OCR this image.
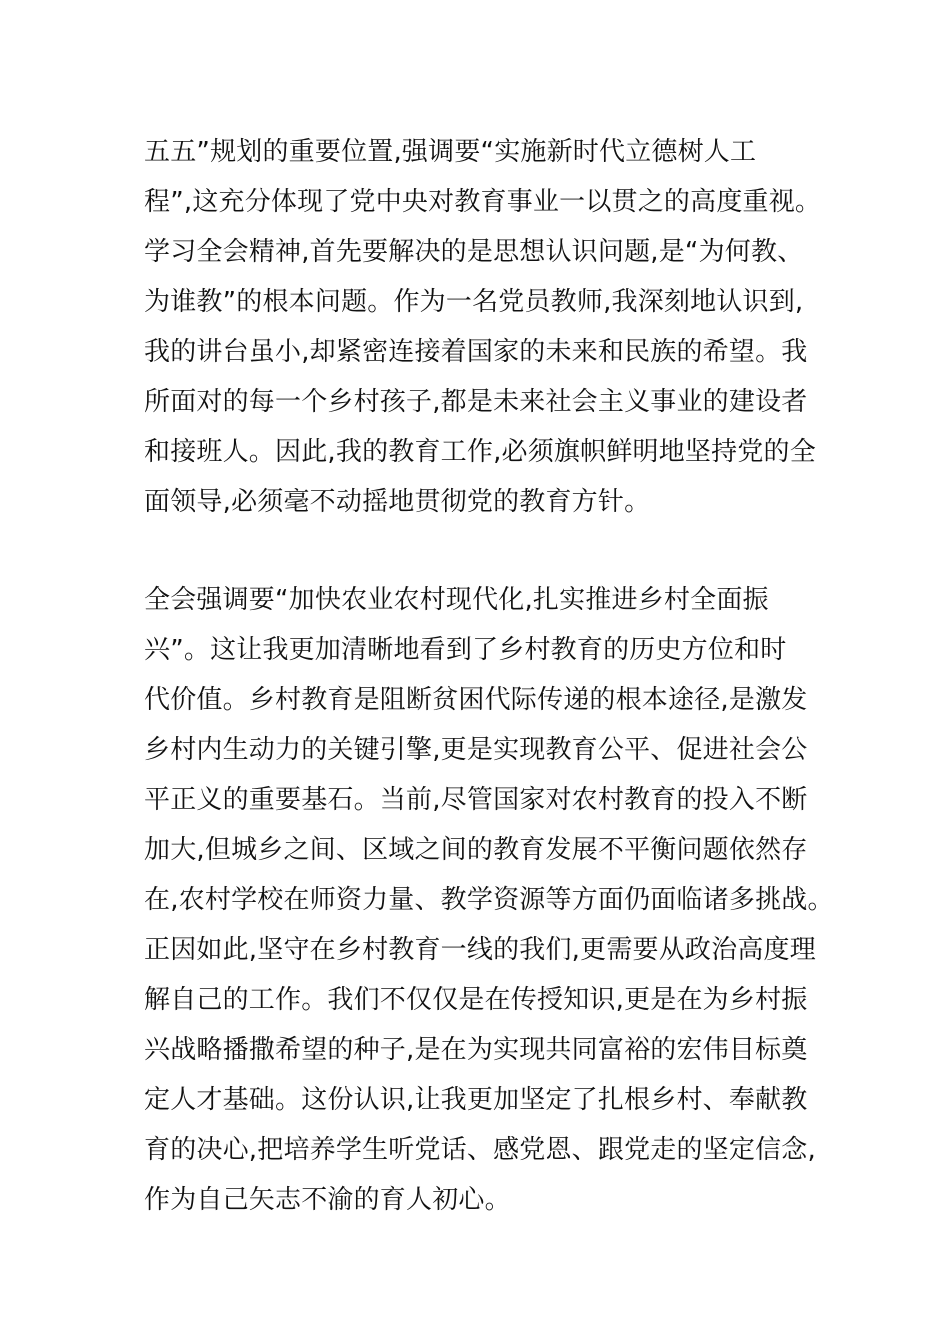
五五”规划的重要位置,强调要“实施新时代立德树人工
程”,这充分体现了党中央对教育事业一以贯之的高度重视。
学习全会精神,首先要解决的是思想认识问题,是“为何教、
为谁教”的根本问题。作为一名党员教师,我深刻地认识到,
我的讲台虽小,却紧密连接着国家的未来和民族的希望。我
所面对的每一个乡村孩子,都是未来社会主义事业的建设者
和接班人。因此,我的教育工作,必须旗帜鲜明地坚持党的全
面领导,必须毫不动摇地贯彻党的教育方针。
全会强调要“加快农业农村现代化,扎实推进乡村全面振
兴”。这让我更加清晰地看到了乡村教育的历史方位和时
代价值。乡村教育是阻断贫困代际传递的根本途径,是激发
乡村内生动力的关键引擎,更是实现教育公平、促进社会公
平正义的重要基石。当前,尽管国家对农村教育的投入不断
加大,但城乡之间、区域之间的教育发展不平衡问题依然存
在,农村学校在师资力量、教学资源等方面仍面临诸多挑战。
正因如此,坚守在乡村教育一线的我们,更需要从政治高度理
解自己的工作。我们不仅仅是在传授知识,更是在为乡村振
兴战略播撒希望的种子,是在为实现共同富裕的宏伟目标奠
定人才基础。这份认识,让我更加坚定了扎根乡村、奉献教
育的决心,把培养学生听党话、感党恩、跟党走的坚定信念,
作为自己矢志不渝的育人初心。
